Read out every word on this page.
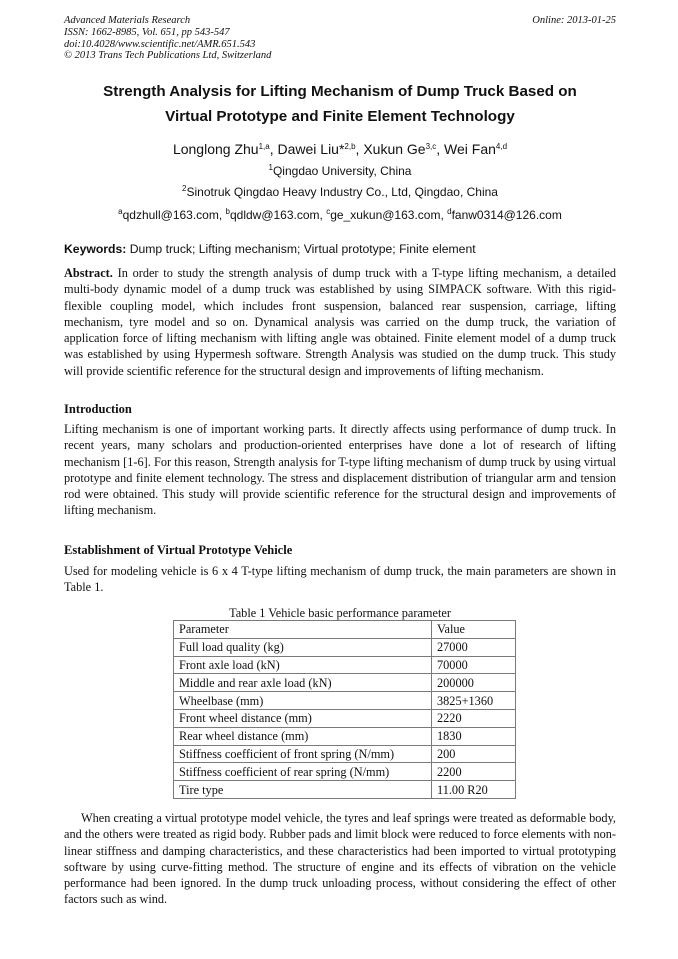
Advanced Materials Research
ISSN: 1662-8985, Vol. 651, pp 543-547
doi:10.4028/www.scientific.net/AMR.651.543
© 2013 Trans Tech Publications Ltd, Switzerland
Online: 2013-01-25
Strength Analysis for Lifting Mechanism of Dump Truck Based on
Virtual Prototype and Finite Element Technology
Longlong Zhu$^{1,a}$, Dawei Liu*$^{2,b}$, Xukun Ge$^{3,c}$, Wei Fan$^{4,d}$
$^1$Qingdao University, China
$^2$Sinotruk Qingdao Heavy Industry Co., Ltd, Qingdao, China
$^a$qdzhull@163.com, $^b$qdldw@163.com, $^c$ge_xukun@163.com, $^d$fanw0314@126.com
Keywords: Dump truck; Lifting mechanism; Virtual prototype; Finite element

Abstract. In order to study the strength analysis of dump truck with a T-type lifting mechanism, a detailed multi-body dynamic model of a dump truck was established by using SIMPACK software. With this rigid-flexible coupling model, which includes front suspension, balanced rear suspension, carriage, lifting mechanism, tyre model and so on. Dynamical analysis was carried on the dump truck, the variation of application force of lifting mechanism with lifting angle was obtained. Finite element model of a dump truck was established by using Hypermesh software. Strength Analysis was studied on the dump truck. This study will provide scientific reference for the structural design and improvements of lifting mechanism.

Introduction

Lifting mechanism is one of important working parts. It directly affects using performance of dump truck. In recent years, many scholars and production-oriented enterprises have done a lot of research of lifting mechanism [1-6]. For this reason, Strength analysis for T-type lifting mechanism of dump truck by using virtual prototype and finite element technology. The stress and displacement distribution of triangular arm and tension rod were obtained. This study will provide scientific reference for the structural design and improvements of lifting mechanism.

Establishment of Virtual Prototype Vehicle

Used for modeling vehicle is 6 x 4 T-type lifting mechanism of dump truck, the main parameters are shown in Table 1.

Table 1 Vehicle basic performance parameter
Parameter	Value
Full load quality (kg)	27000
Front axle load (kN)	70000
Middle and rear axle load (kN)	200000
Wheelbase (mm)	3825+1360
Front wheel distance (mm)	2220
Rear wheel distance (mm)	1830
Stiffness coefficient of front spring (N/mm)	200
Stiffness coefficient of rear spring (N/mm)	2200
Tire type	11.00 R20

When creating a virtual prototype model vehicle, the tyres and leaf springs were treated as deformable body, and the others were treated as rigid body. Rubber pads and limit block were reduced to force elements with non-linear stiffness and damping characteristics, and these characteristics had been imported to virtual prototyping software by using curve-fitting method. The structure of engine and its effects of vibration on the vehicle performance had been ignored. In the dump truck unloading process, without considering the effect of other factors such as wind.
